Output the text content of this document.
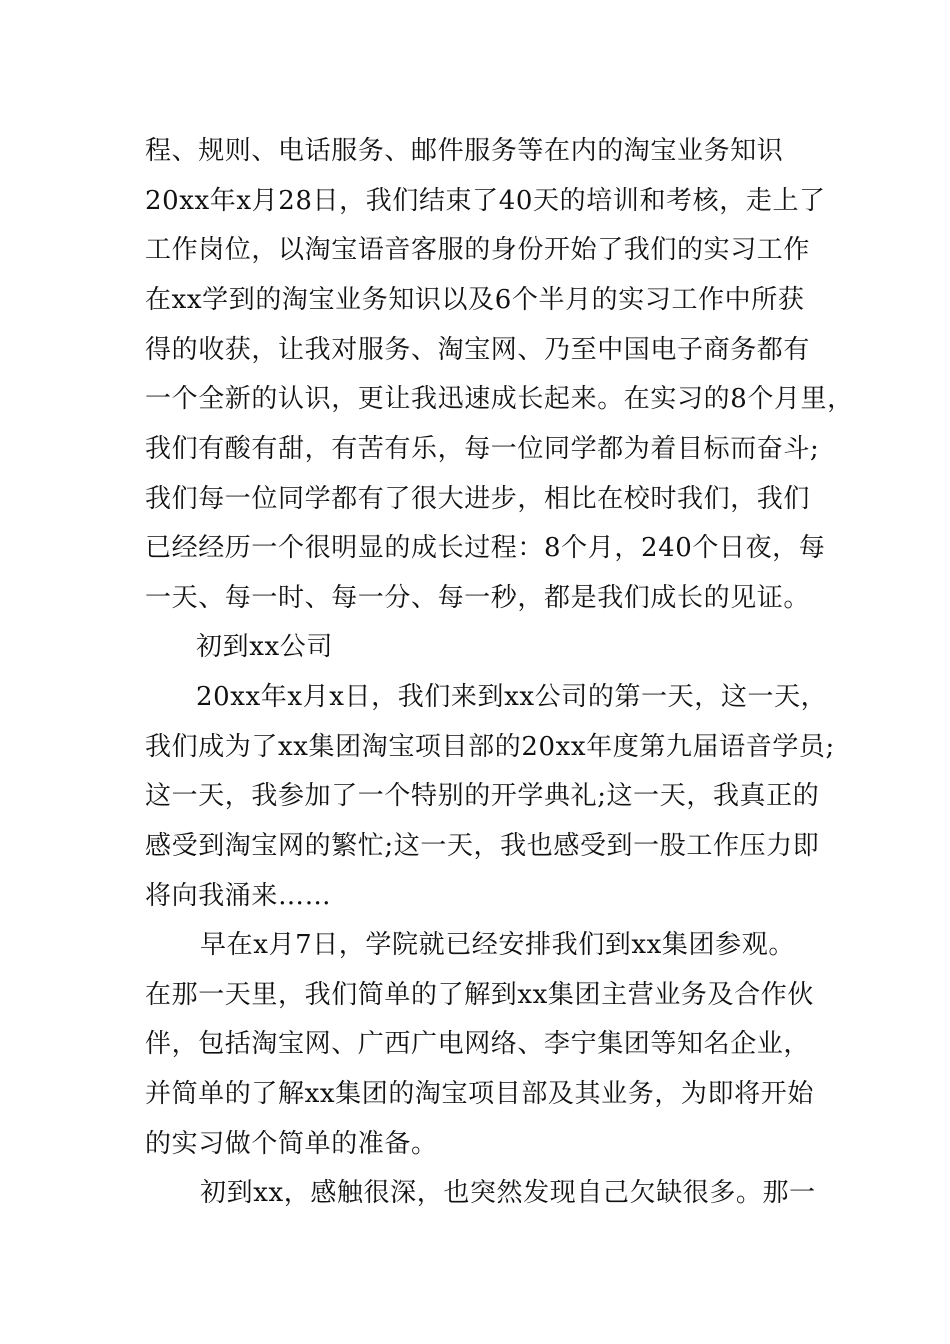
程、规则、电话服务、邮件服务等在内的淘宝业务知识
20xx年x月28日，我们结束了40天的培训和考核，走上了
工作岗位，以淘宝语音客服的身份开始了我们的实习工作
在xx学到的淘宝业务知识以及6个半月的实习工作中所获
得的收获，让我对服务、淘宝网、乃至中国电子商务都有
一个全新的认识，更让我迅速成长起来。在实习的8个月里，
我们有酸有甜，有苦有乐，每一位同学都为着目标而奋斗;
我们每一位同学都有了很大进步，相比在校时我们，我们
已经经历一个很明显的成长过程：8个月，240个日夜，每
一天、每一时、每一分、每一秒，都是我们成长的见证。
初到xx公司
20xx年x月x日，我们来到xx公司的第一天，这一天，
我们成为了xx集团淘宝项目部的20xx年度第九届语音学员;
这一天，我参加了一个特别的开学典礼;这一天，我真正的
感受到淘宝网的繁忙;这一天，我也感受到一股工作压力即
将向我涌来……
早在x月7日，学院就已经安排我们到xx集团参观。
在那一天里，我们简单的了解到xx集团主营业务及合作伙
伴，包括淘宝网、广西广电网络、李宁集团等知名企业，
并简单的了解xx集团的淘宝项目部及其业务，为即将开始
的实习做个简单的准备。
初到xx，感触很深，也突然发现自己欠缺很多。那一
